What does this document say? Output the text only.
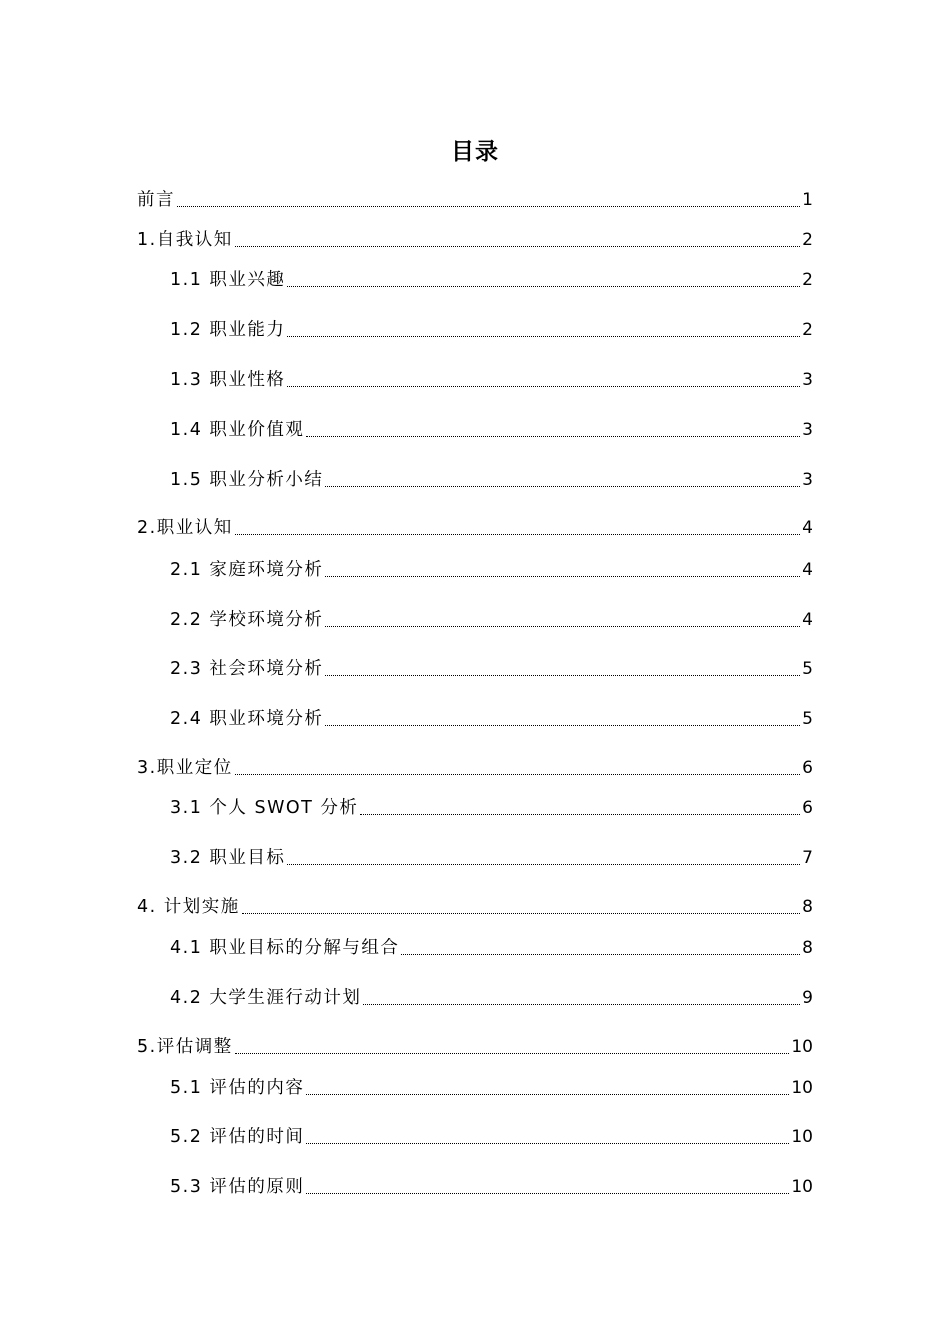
目录
前言	1
1.自我认知	2
1.1 职业兴趣	2
1.2 职业能力	2
1.3 职业性格	3
1.4 职业价值观	3
1.5 职业分析小结	3
2.职业认知	4
2.1 家庭环境分析	4
2.2 学校环境分析	4
2.3 社会环境分析	5
2.4 职业环境分析	5
3.职业定位	6
3.1 个人 SWOT 分析	6
3.2 职业目标	7
4. 计划实施	8
4.1 职业目标的分解与组合	8
4.2 大学生涯行动计划	9
5.评估调整	10
5.1 评估的内容	10
5.2 评估的时间	10
5.3 评估的原则	10
